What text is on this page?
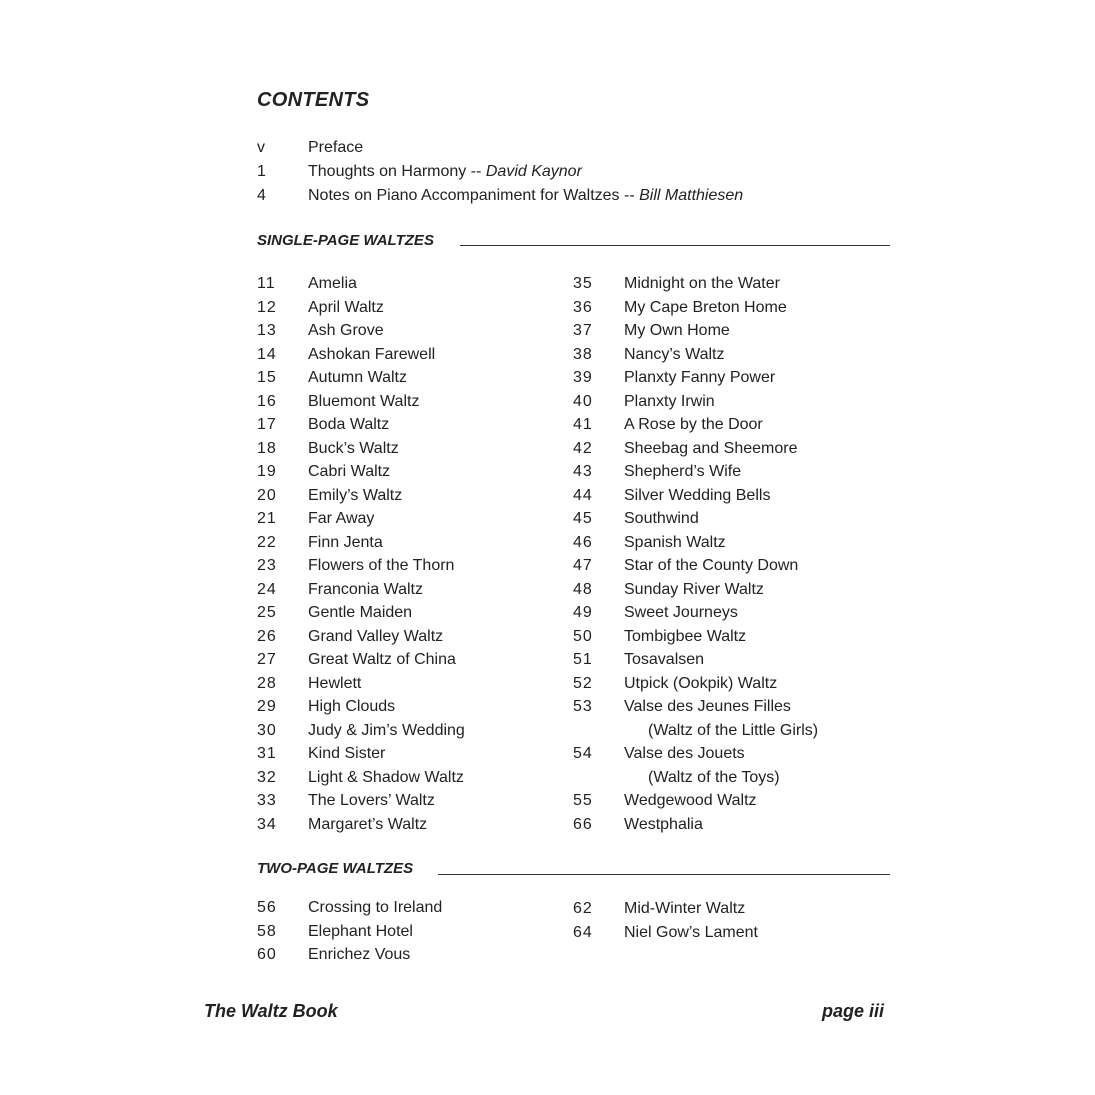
CONTENTS
v	Preface
1	Thoughts on Harmony -- David Kaynor
4	Notes on Piano Accompaniment for Waltzes -- Bill Matthiesen
SINGLE-PAGE WALTZES
11 Amelia
12 April Waltz
13 Ash Grove
14 Ashokan Farewell
15 Autumn Waltz
16 Bluemont Waltz
17 Boda Waltz
18 Buck’s Waltz
19 Cabri Waltz
20 Emily’s Waltz
21 Far Away
22 Finn Jenta
23 Flowers of the Thorn
24 Franconia Waltz
25 Gentle Maiden
26 Grand Valley Waltz
27 Great Waltz of China
28 Hewlett
29 High Clouds
30 Judy & Jim’s Wedding
31 Kind Sister
32 Light & Shadow Waltz
33 The Lovers’ Waltz
34 Margaret’s Waltz
35 Midnight on the Water
36 My Cape Breton Home
37 My Own Home
38 Nancy’s Waltz
39 Planxty Fanny Power
40 Planxty Irwin
41 A Rose by the Door
42 Sheebag and Sheemore
43 Shepherd’s Wife
44 Silver Wedding Bells
45 Southwind
46 Spanish Waltz
47 Star of the County Down
48 Sunday River Waltz
49 Sweet Journeys
50 Tombigbee Waltz
51 Tosavalsen
52 Utpick (Ookpik) Waltz
53 Valse des Jeunes Filles
(Waltz of the Little Girls)
54 Valse des Jouets
(Waltz of the Toys)
55 Wedgewood Waltz
66 Westphalia
TWO-PAGE WALTZES
56 Crossing to Ireland
58 Elephant Hotel
60 Enrichez Vous
62 Mid-Winter Waltz
64 Niel Gow’s Lament
The Waltz Book	page iii
